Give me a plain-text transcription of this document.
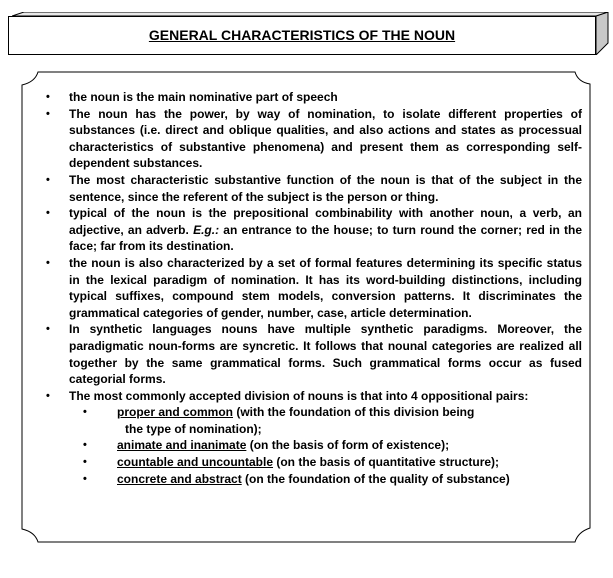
GENERAL CHARACTERISTICS OF THE NOUN
• the noun is the main nominative part of speech
• The noun has the power, by way of nomination, to isolate different properties of substances (i.e. direct and oblique qualities, and also actions and states as processual characteristics of substantive phenomena) and present them as corresponding self-dependent substances.
• The most characteristic substantive function of the noun is that of the subject in the sentence, since the referent of the subject is the person or thing.
• typical of the noun is the prepositional combinability with another noun, a verb, an adjective, an adverb. E.g.: an entrance to the house; to turn round the corner; red in the face; far from its destination.
• the noun is also characterized by a set of formal features determining its specific status in the lexical paradigm of nomination. It has its word-building distinctions, including typical suffixes, compound stem models, conversion patterns. It discriminates the grammatical categories of gender, number, case, article determination.
• In synthetic languages nouns have multiple synthetic paradigms. Moreover, the paradigmatic noun-forms are syncretic. It follows that nounal categories are realized all together by the same grammatical forms. Such grammatical forms occur as fused categorial forms.
• The most commonly accepted division of nouns is that into 4 oppositional pairs:
•	proper and common (with the foundation of this division being
the type of nomination);
•	animate and inanimate (on the basis of form of existence);
•	countable and uncountable (on the basis of quantitative structure);
•	concrete and abstract (on the foundation of the quality of substance)
